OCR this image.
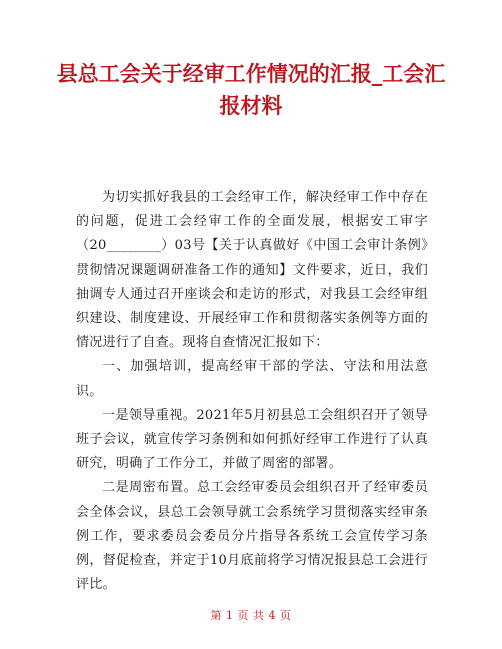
县总工会关于经审工作情况的汇报_工会汇报材料

为切实抓好我县的工会经审工作，解决经审工作中存在的问题，促进工会经审工作的全面发展，根据安工审字（20________）03号【关于认真做好《中国工会审计条例》贯彻情况课题调研准备工作的通知】文件要求，近日，我们抽调专人通过召开座谈会和走访的形式，对我县工会经审组织建设、制度建设、开展经审工作和贯彻落实条例等方面的情况进行了自查。现将自查情况汇报如下：

一、加强培训，提高经审干部的学法、守法和用法意识。

一是领导重视。2021年5月初县总工会组织召开了领导班子会议，就宣传学习条例和如何抓好经审工作进行了认真研究，明确了工作分工，并做了周密的部署。

二是周密布置。总工会经审委员会组织召开了经审委员会全体会议，县总工会领导就工会系统学习贯彻落实经审条例工作，要求委员会委员分片指导各系统工会宣传学习条例，督促检查，并定于10月底前将学习情况报县总工会进行评比。

第 1 页 共 4 页
